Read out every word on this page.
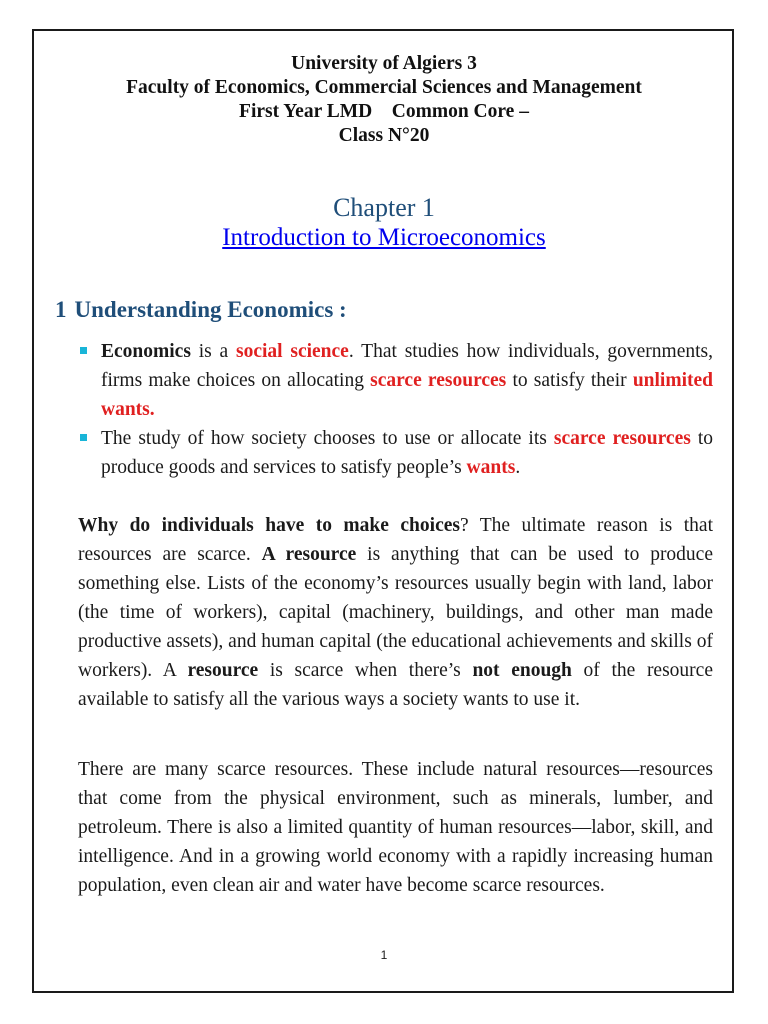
University of Algiers 3
Faculty of Economics, Commercial Sciences and Management
First Year LMD    Common Core –
Class N°20
Chapter 1
Introduction to Microeconomics
1 Understanding Economics :
Economics is a social science. That studies how individuals, governments, firms make choices on allocating scarce resources to satisfy their unlimited wants.
The study of how society chooses to use or allocate its scarce resources to produce goods and services to satisfy people’s wants.

Why do individuals have to make choices? The ultimate reason is that resources are scarce. A resource is anything that can be used to produce something else. Lists of the economy’s resources usually begin with land, labor (the time of workers), capital (machinery, buildings, and other man made productive assets), and human capital (the educational achievements and skills of workers). A resource is scarce when there’s not enough of the resource available to satisfy all the various ways a society wants to use it.

There are many scarce resources. These include natural resources—resources that come from the physical environment, such as minerals, lumber, and petroleum. There is also a limited quantity of human resources—labor, skill, and intelligence. And in a growing world economy with a rapidly increasing human population, even clean air and water have become scarce resources.

1
